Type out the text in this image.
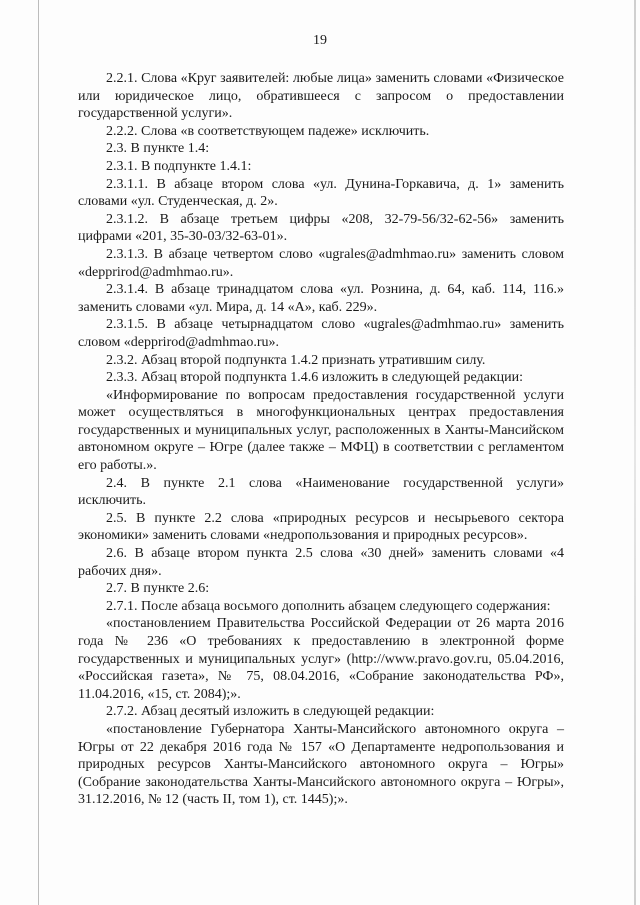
19

2.2.1. Слова «Круг заявителей: любые лица» заменить словами «Физическое или юридическое лицо, обратившееся с запросом о предоставлении государственной услуги».

2.2.2. Слова «в соответствующем падеже» исключить.

2.3. В пункте 1.4:

2.3.1. В подпункте 1.4.1:

2.3.1.1. В абзаце втором слова «ул. Дунина-Горкавича, д. 1» заменить словами «ул. Студенческая, д. 2».

2.3.1.2. В абзаце третьем цифры «208, 32-79-56/32-62-56» заменить цифрами «201, 35-30-03/32-63-01».

2.3.1.3. В абзаце четвертом слово «ugrales@admhmao.ru» заменить словом «depprirod@admhmao.ru».

2.3.1.4. В абзаце тринадцатом слова «ул. Рознина, д. 64, каб. 114, 116.» заменить словами «ул. Мира, д. 14 «А», каб. 229».

2.3.1.5. В абзаце четырнадцатом слово «ugrales@admhmao.ru» заменить словом «depprirod@admhmao.ru».

2.3.2. Абзац второй подпункта 1.4.2 признать утратившим силу.

2.3.3. Абзац второй подпункта 1.4.6 изложить в следующей редакции:

«Информирование по вопросам предоставления государственной услуги может осуществляться в многофункциональных центрах предоставления государственных и муниципальных услуг, расположенных в Ханты-Мансийском автономном округе – Югре (далее также – МФЦ) в соответствии с регламентом его работы.».

2.4. В пункте 2.1 слова «Наименование государственной услуги» исключить.

2.5. В пункте 2.2 слова «природных ресурсов и несырьевого сектора экономики» заменить словами «недропользования и природных ресурсов».

2.6. В абзаце втором пункта 2.5 слова «30 дней» заменить словами «4 рабочих дня».

2.7. В пункте 2.6:

2.7.1. После абзаца восьмого дополнить абзацем следующего содержания:

«постановлением Правительства Российской Федерации от 26 марта 2016 года № 236 «О требованиях к предоставлению в электронной форме государственных и муниципальных услуг» (http://www.pravo.gov.ru, 05.04.2016, «Российская газета», № 75, 08.04.2016, «Собрание законодательства РФ», 11.04.2016, «15, ст. 2084);».

2.7.2. Абзац десятый изложить в следующей редакции:

«постановление Губернатора Ханты-Мансийского автономного округа – Югры от 22 декабря 2016 года № 157 «О Департаменте недропользования и природных ресурсов Ханты-Мансийского автономного округа – Югры» (Собрание законодательства Ханты-Мансийского автономного округа – Югры», 31.12.2016, № 12 (часть II, том 1), ст. 1445);».
